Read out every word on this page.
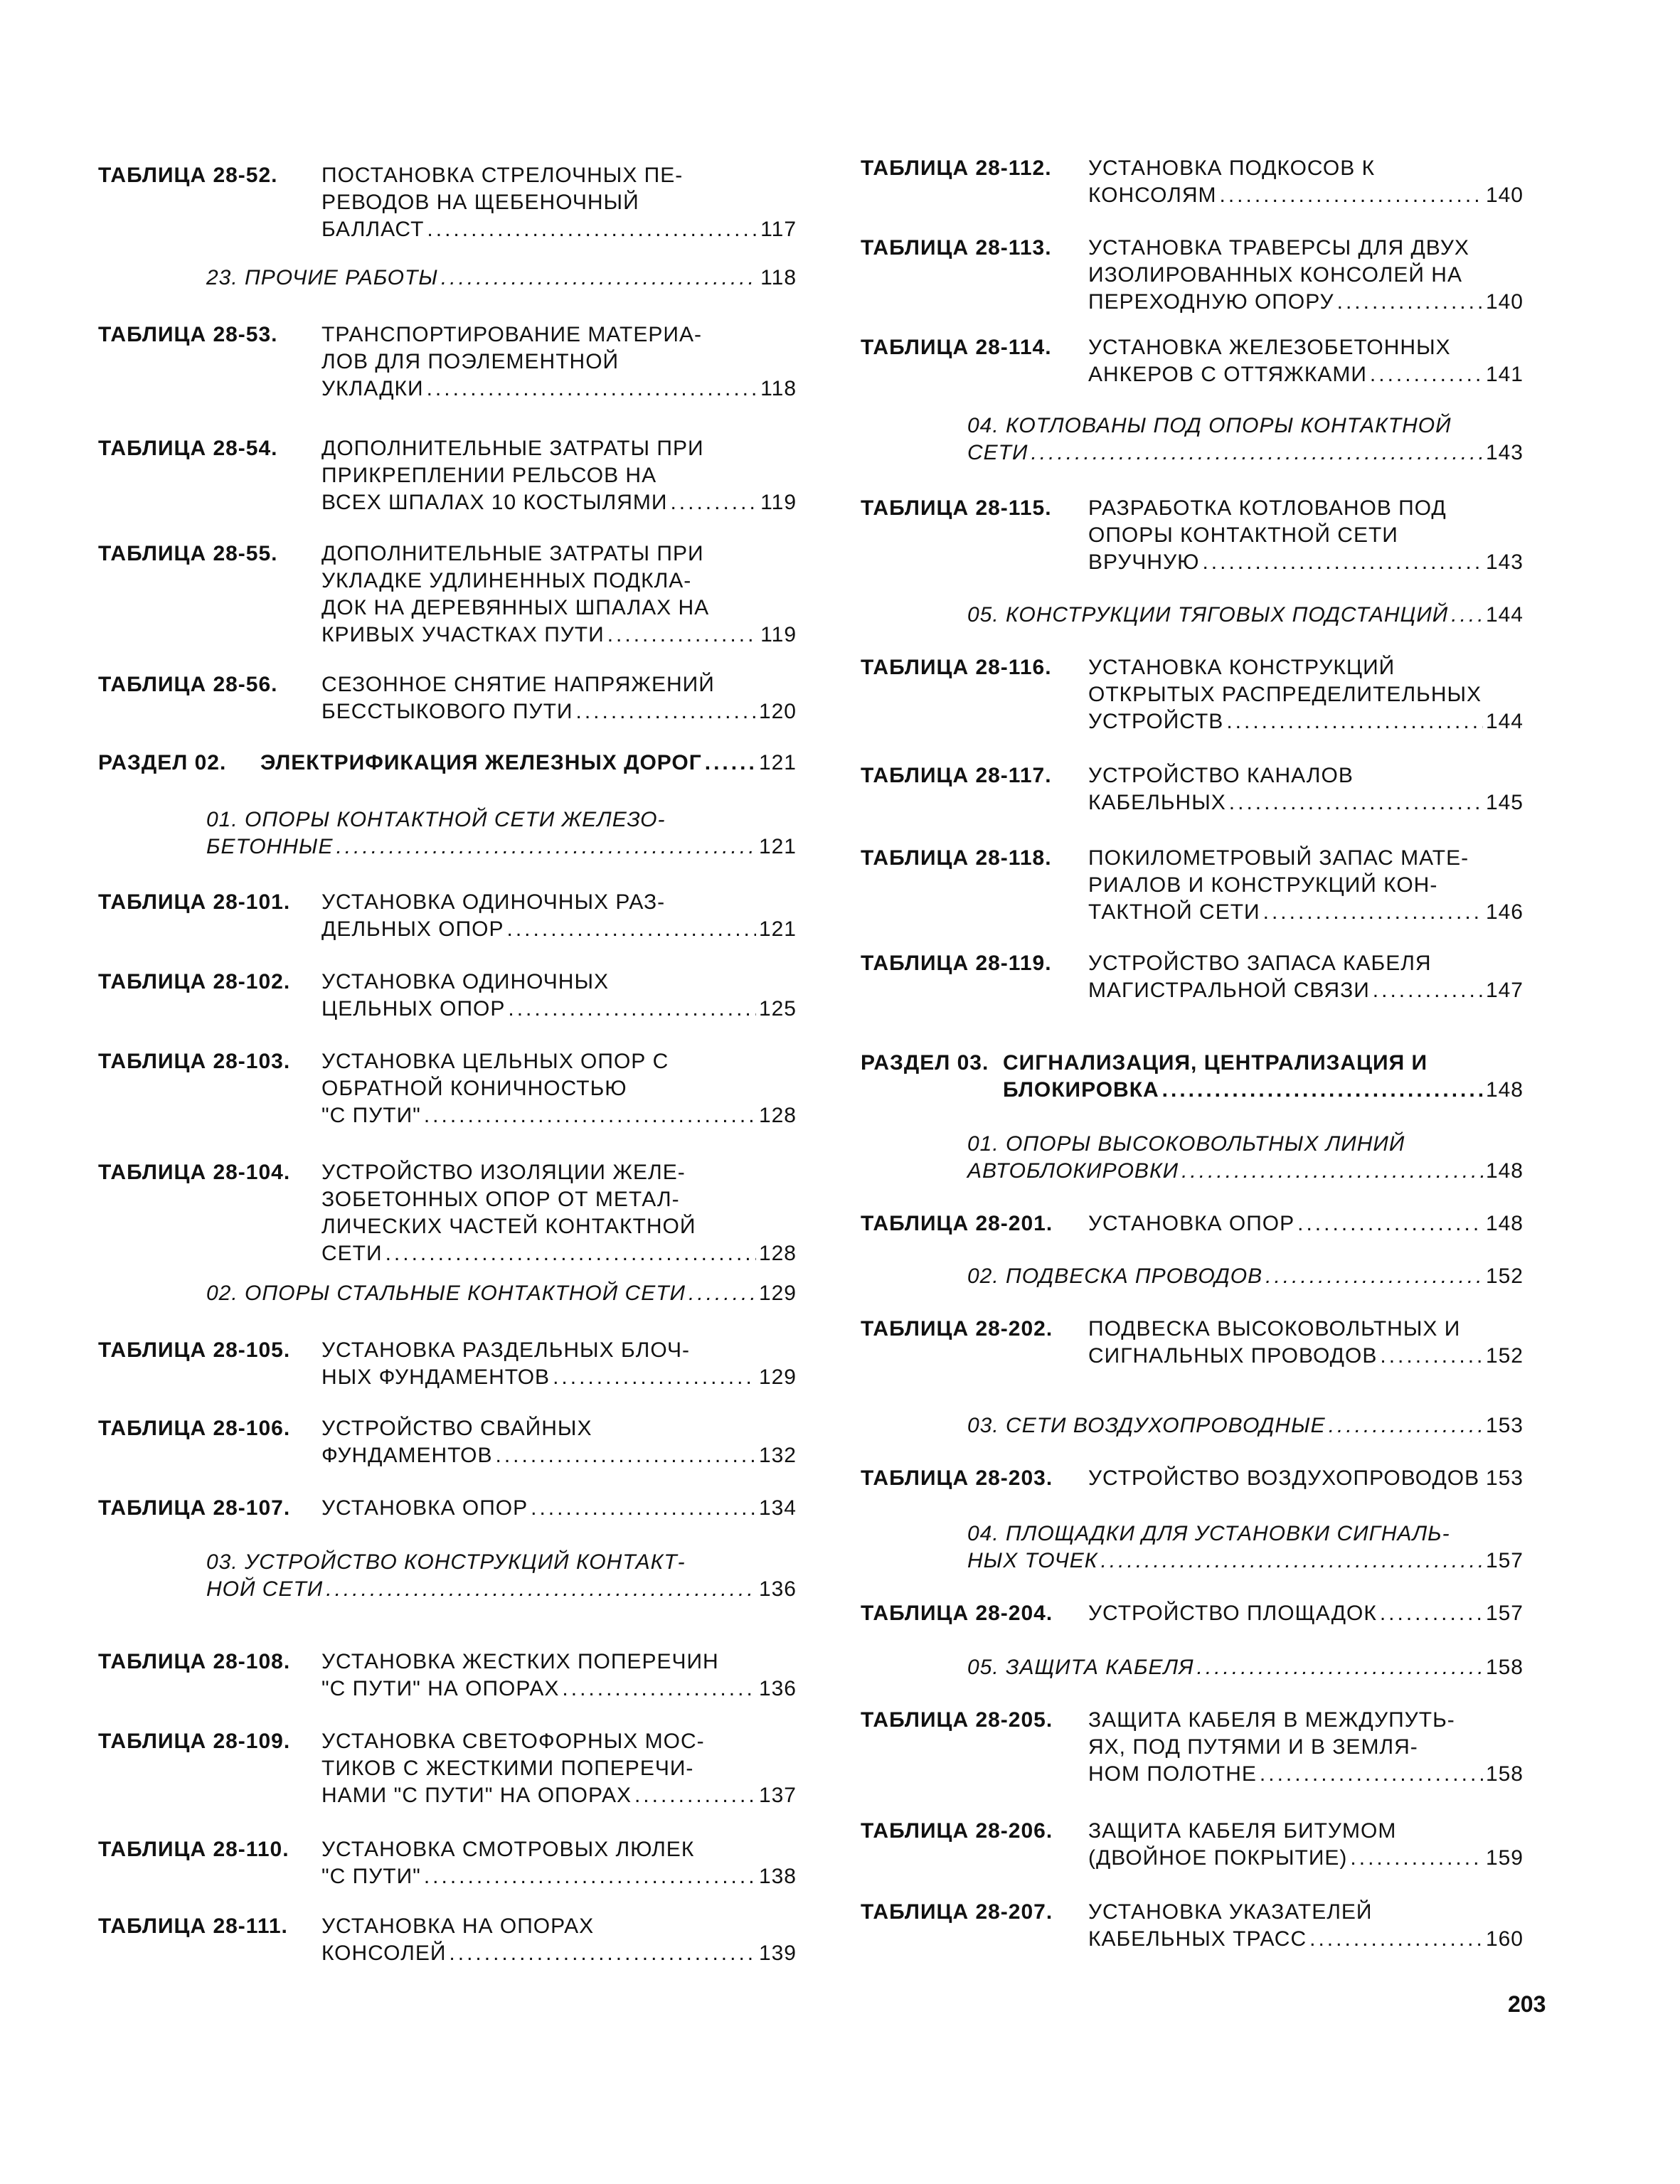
ТАБЛИЦА 28-52. ПОСТАНОВКА СТРЕЛОЧНЫХ ПЕ-
РЕВОДОВ НА ЩЕБЕНОЧНЫЙ
БАЛЛАСТ .....	117
23. ПРОЧИЕ РАБОТЫ .....	118
ТАБЛИЦА 28-53. ТРАНСПОРТИРОВАНИЕ МАТЕРИА-
ЛОВ ДЛЯ ПОЭЛЕМЕНТНОЙ
УКЛАДКИ .....	118
ТАБЛИЦА 28-54. ДОПОЛНИТЕЛЬНЫЕ ЗАТРАТЫ ПРИ
ПРИКРЕПЛЕНИИ РЕЛЬСОВ НА
ВСЕХ ШПАЛАХ 10 КОСТЫЛЯМИ .....	119
ТАБЛИЦА 28-55. ДОПОЛНИТЕЛЬНЫЕ ЗАТРАТЫ ПРИ
УКЛАДКЕ УДЛИНЕННЫХ ПОДКЛА-
ДОК НА ДЕРЕВЯННЫХ ШПАЛАХ НА
КРИВЫХ УЧАСТКАХ ПУТИ .....	119
ТАБЛИЦА 28-56. СЕЗОННОЕ СНЯТИЕ НАПРЯЖЕНИЙ
БЕССТЫКОВОГО ПУТИ .....	120
РАЗДЕЛ 02. ЭЛЕКТРИФИКАЦИЯ ЖЕЛЕЗНЫХ ДОРОГ .....	121
01. ОПОРЫ КОНТАКТНОЙ СЕТИ ЖЕЛЕЗО-
БЕТОННЫЕ .....	121
ТАБЛИЦА 28-101. УСТАНОВКА ОДИНОЧНЫХ РАЗ-
ДЕЛЬНЫХ ОПОР .....	121
ТАБЛИЦА 28-102. УСТАНОВКА ОДИНОЧНЫХ
ЦЕЛЬНЫХ ОПОР .....	125
ТАБЛИЦА 28-103. УСТАНОВКА ЦЕЛЬНЫХ ОПОР С
ОБРАТНОЙ КОНИЧНОСТЬЮ
"С ПУТИ" .....	128
ТАБЛИЦА 28-104. УСТРОЙСТВО ИЗОЛЯЦИИ ЖЕЛЕ-
ЗОБЕТОННЫХ ОПОР ОТ МЕТАЛ-
ЛИЧЕСКИХ ЧАСТЕЙ КОНТАКТНОЙ
СЕТИ .....	128
02. ОПОРЫ СТАЛЬНЫЕ КОНТАКТНОЙ СЕТИ .....	129
ТАБЛИЦА 28-105. УСТАНОВКА РАЗДЕЛЬНЫХ БЛОЧ-
НЫХ ФУНДАМЕНТОВ .....	129
ТАБЛИЦА 28-106. УСТРОЙСТВО СВАЙНЫХ
ФУНДАМЕНТОВ .....	132
ТАБЛИЦА 28-107. УСТАНОВКА ОПОР .....	134
03. УСТРОЙСТВО КОНСТРУКЦИЙ КОНТАКТ-
НОЙ СЕТИ .....	136
ТАБЛИЦА 28-108. УСТАНОВКА ЖЕСТКИХ ПОПЕРЕЧИН
"С ПУТИ" НА ОПОРАХ .....	136
ТАБЛИЦА 28-109. УСТАНОВКА СВЕТОФОРНЫХ МОС-
ТИКОВ С ЖЕСТКИМИ ПОПЕРЕЧИ-
НАМИ "С ПУТИ" НА ОПОРАХ .....	137
ТАБЛИЦА 28-110. УСТАНОВКА СМОТРОВЫХ ЛЮЛЕК
"С ПУТИ" .....	138
ТАБЛИЦА 28-111. УСТАНОВКА НА ОПОРАХ
КОНСОЛЕЙ .....	139
ТАБЛИЦА 28-112. УСТАНОВКА ПОДКОСОВ К
КОНСОЛЯМ .....	140
ТАБЛИЦА 28-113. УСТАНОВКА ТРАВЕРСЫ ДЛЯ ДВУХ
ИЗОЛИРОВАННЫХ КОНСОЛЕЙ НА
ПЕРЕХОДНУЮ ОПОРУ .....	140
ТАБЛИЦА 28-114. УСТАНОВКА ЖЕЛЕЗОБЕТОННЫХ
АНКЕРОВ С ОТТЯЖКАМИ .....	141
04. КОТЛОВАНЫ ПОД ОПОРЫ КОНТАКТНОЙ
СЕТИ .....	143
ТАБЛИЦА 28-115. РАЗРАБОТКА КОТЛОВАНОВ ПОД
ОПОРЫ КОНТАКТНОЙ СЕТИ
ВРУЧНУЮ .....	143
05. КОНСТРУКЦИИ ТЯГОВЫХ ПОДСТАНЦИЙ ..... 144
ТАБЛИЦА 28-116. УСТАНОВКА КОНСТРУКЦИЙ
ОТКРЫТЫХ РАСПРЕДЕЛИТЕЛЬНЫХ
УСТРОЙСТВ .....	144
ТАБЛИЦА 28-117. УСТРОЙСТВО КАНАЛОВ
КАБЕЛЬНЫХ .....	145
ТАБЛИЦА 28-118. ПОКИЛОМЕТРОВЫЙ ЗАПАС МАТЕ-
РИАЛОВ И КОНСТРУКЦИЙ КОН-
ТАКТНОЙ СЕТИ .....	146
ТАБЛИЦА 28-119. УСТРОЙСТВО ЗАПАСА КАБЕЛЯ
МАГИСТРАЛЬНОЙ СВЯЗИ .....	147
РАЗДЕЛ 03. СИГНАЛИЗАЦИЯ, ЦЕНТРАЛИЗАЦИЯ И
БЛОКИРОВКА .....	148
01. ОПОРЫ ВЫСОКОВОЛЬТНЫХ ЛИНИЙ
АВТОБЛОКИРОВКИ .....	148
ТАБЛИЦА 28-201. УСТАНОВКА ОПОР .....	148
02. ПОДВЕСКА ПРОВОДОВ .....	152
ТАБЛИЦА 28-202. ПОДВЕСКА ВЫСОКОВОЛЬТНЫХ И
СИГНАЛЬНЫХ ПРОВОДОВ .....	152
03. СЕТИ ВОЗДУХОПРОВОДНЫЕ .....	153
ТАБЛИЦА 28-203. УСТРОЙСТВО ВОЗДУХОПРОВОДОВ ..... 153
04. ПЛОЩАДКИ ДЛЯ УСТАНОВКИ СИГНАЛЬ-
НЫХ ТОЧЕК .....	157
ТАБЛИЦА 28-204. УСТРОЙСТВО ПЛОЩАДОК .....	157
05. ЗАЩИТА КАБЕЛЯ .....	158
ТАБЛИЦА 28-205. ЗАЩИТА КАБЕЛЯ В МЕЖДУПУТЬ-
ЯХ, ПОД ПУТЯМИ И В ЗЕМЛЯ-
НОМ ПОЛОТНЕ .....	158
ТАБЛИЦА 28-206. ЗАЩИТА КАБЕЛЯ БИТУМОМ
(ДВОЙНОЕ ПОКРЫТИЕ) .....	159
ТАБЛИЦА 28-207. УСТАНОВКА УКАЗАТЕЛЕЙ
КАБЕЛЬНЫХ ТРАСС .....	160
203
